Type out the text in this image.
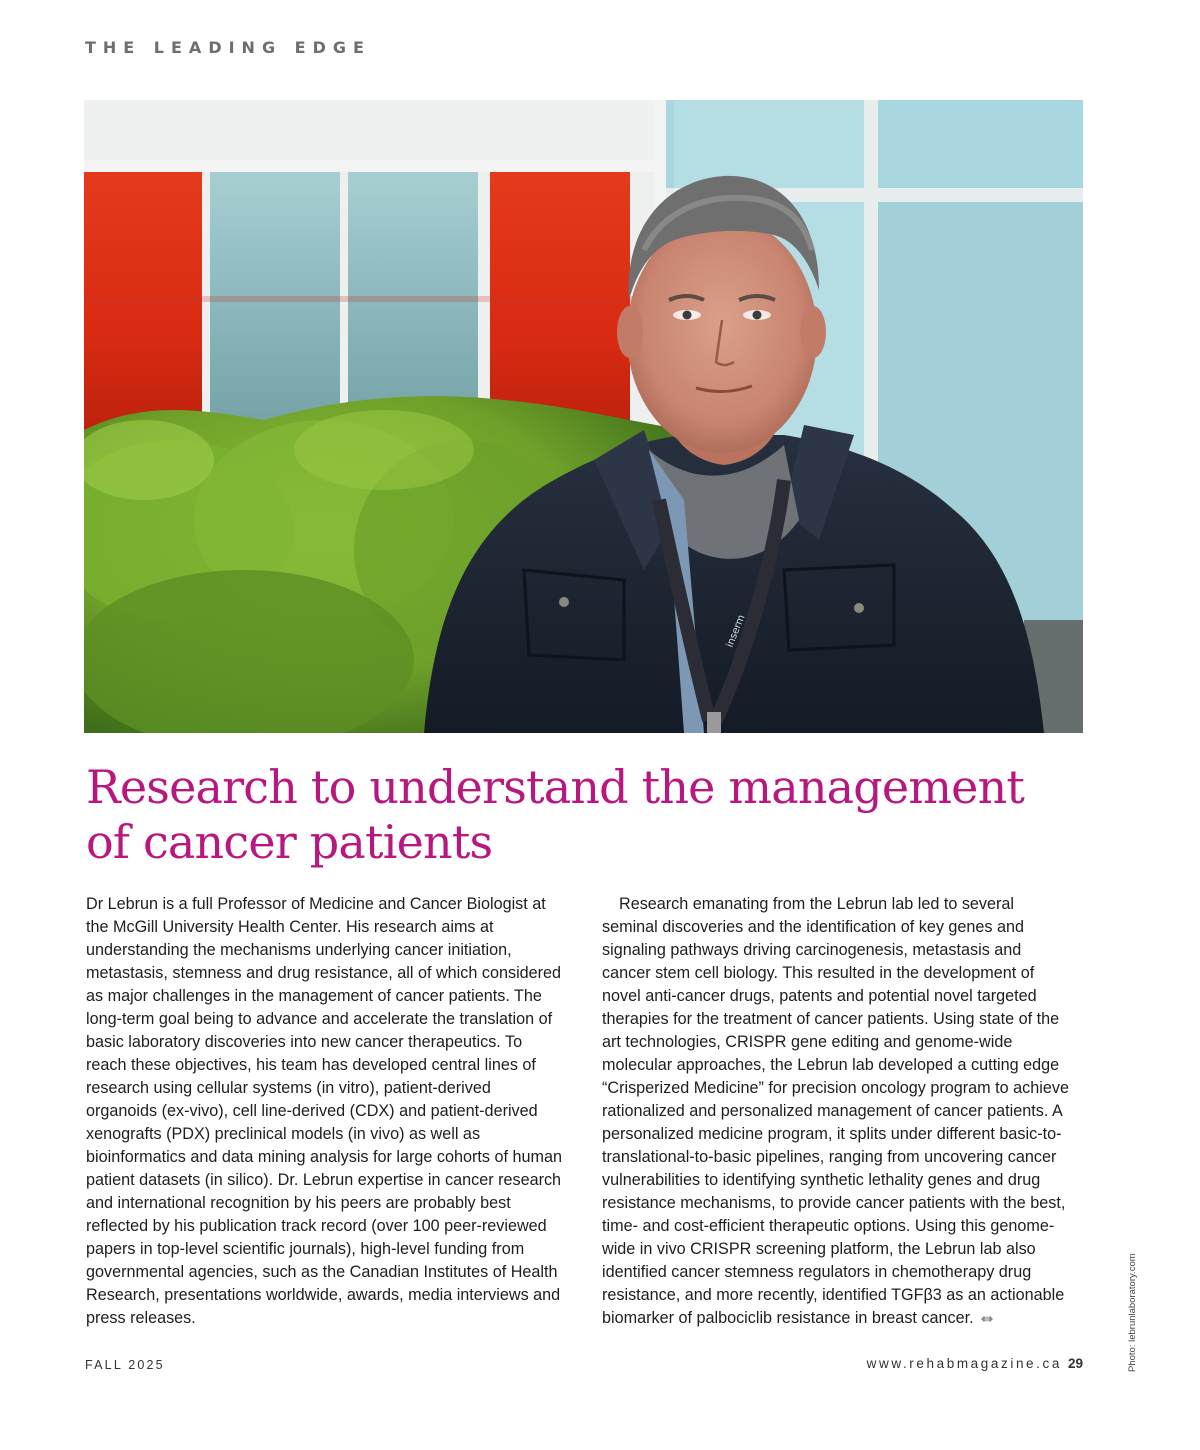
THE LEADING EDGE
inserm
Research to understand the management of cancer patients

Dr Lebrun is a full Professor of Medicine and Cancer Biologist at the McGill University Health Center. His research aims at understanding the mechanisms underlying cancer initiation, metastasis, stemness and drug resistance, all of which considered as major challenges in the management of cancer patients. The long-term goal being to advance and accelerate the translation of basic laboratory discoveries into new cancer therapeutics. To reach these objectives, his team has developed central lines of research using cellular systems (in vitro), patient-derived organoids (ex-vivo), cell line-derived (CDX) and patient-derived xenografts (PDX) preclinical models (in vivo) as well as bioinformatics and data mining analysis for large cohorts of human patient datasets (in silico). Dr. Lebrun expertise in cancer research and international recognition by his peers are probably best reflected by his publication track record (over 100 peer-reviewed papers in top-level scientific journals), high-level funding from governmental agencies, such as the Canadian Institutes of Health Research, presentations worldwide, awards, media interviews and press releases.

Research emanating from the Lebrun lab led to several seminal discoveries and the identification of key genes and signaling pathways driving carcinogenesis, metastasis and cancer stem cell biology. This resulted in the development of novel anti-cancer drugs, patents and potential novel targeted therapies for the treatment of cancer patients. Using state of the art technologies, CRISPR gene editing and genome-wide molecular approaches, the Lebrun lab developed a cutting edge “Crisperized Medicine” for precision oncology program to achieve rationalized and personalized management of cancer patients. A personalized medicine program, it splits under different basic-to-translational-to-basic pipelines, ranging from uncovering cancer vulnerabilities to identifying synthetic lethality genes and drug resistance mechanisms, to provide cancer patients with the best, time- and cost-efficient therapeutic options. Using this genome-wide in vivo CRISPR screening platform, the Lebrun lab also identified cancer stemness regulators in chemotherapy drug resistance, and more recently, identified TGFβ3 as an actionable biomarker of palbociclib resistance in breast cancer.

FALL 2025	www.rehabmagazine.ca 29	Photo: lebrunlaboratory.com
